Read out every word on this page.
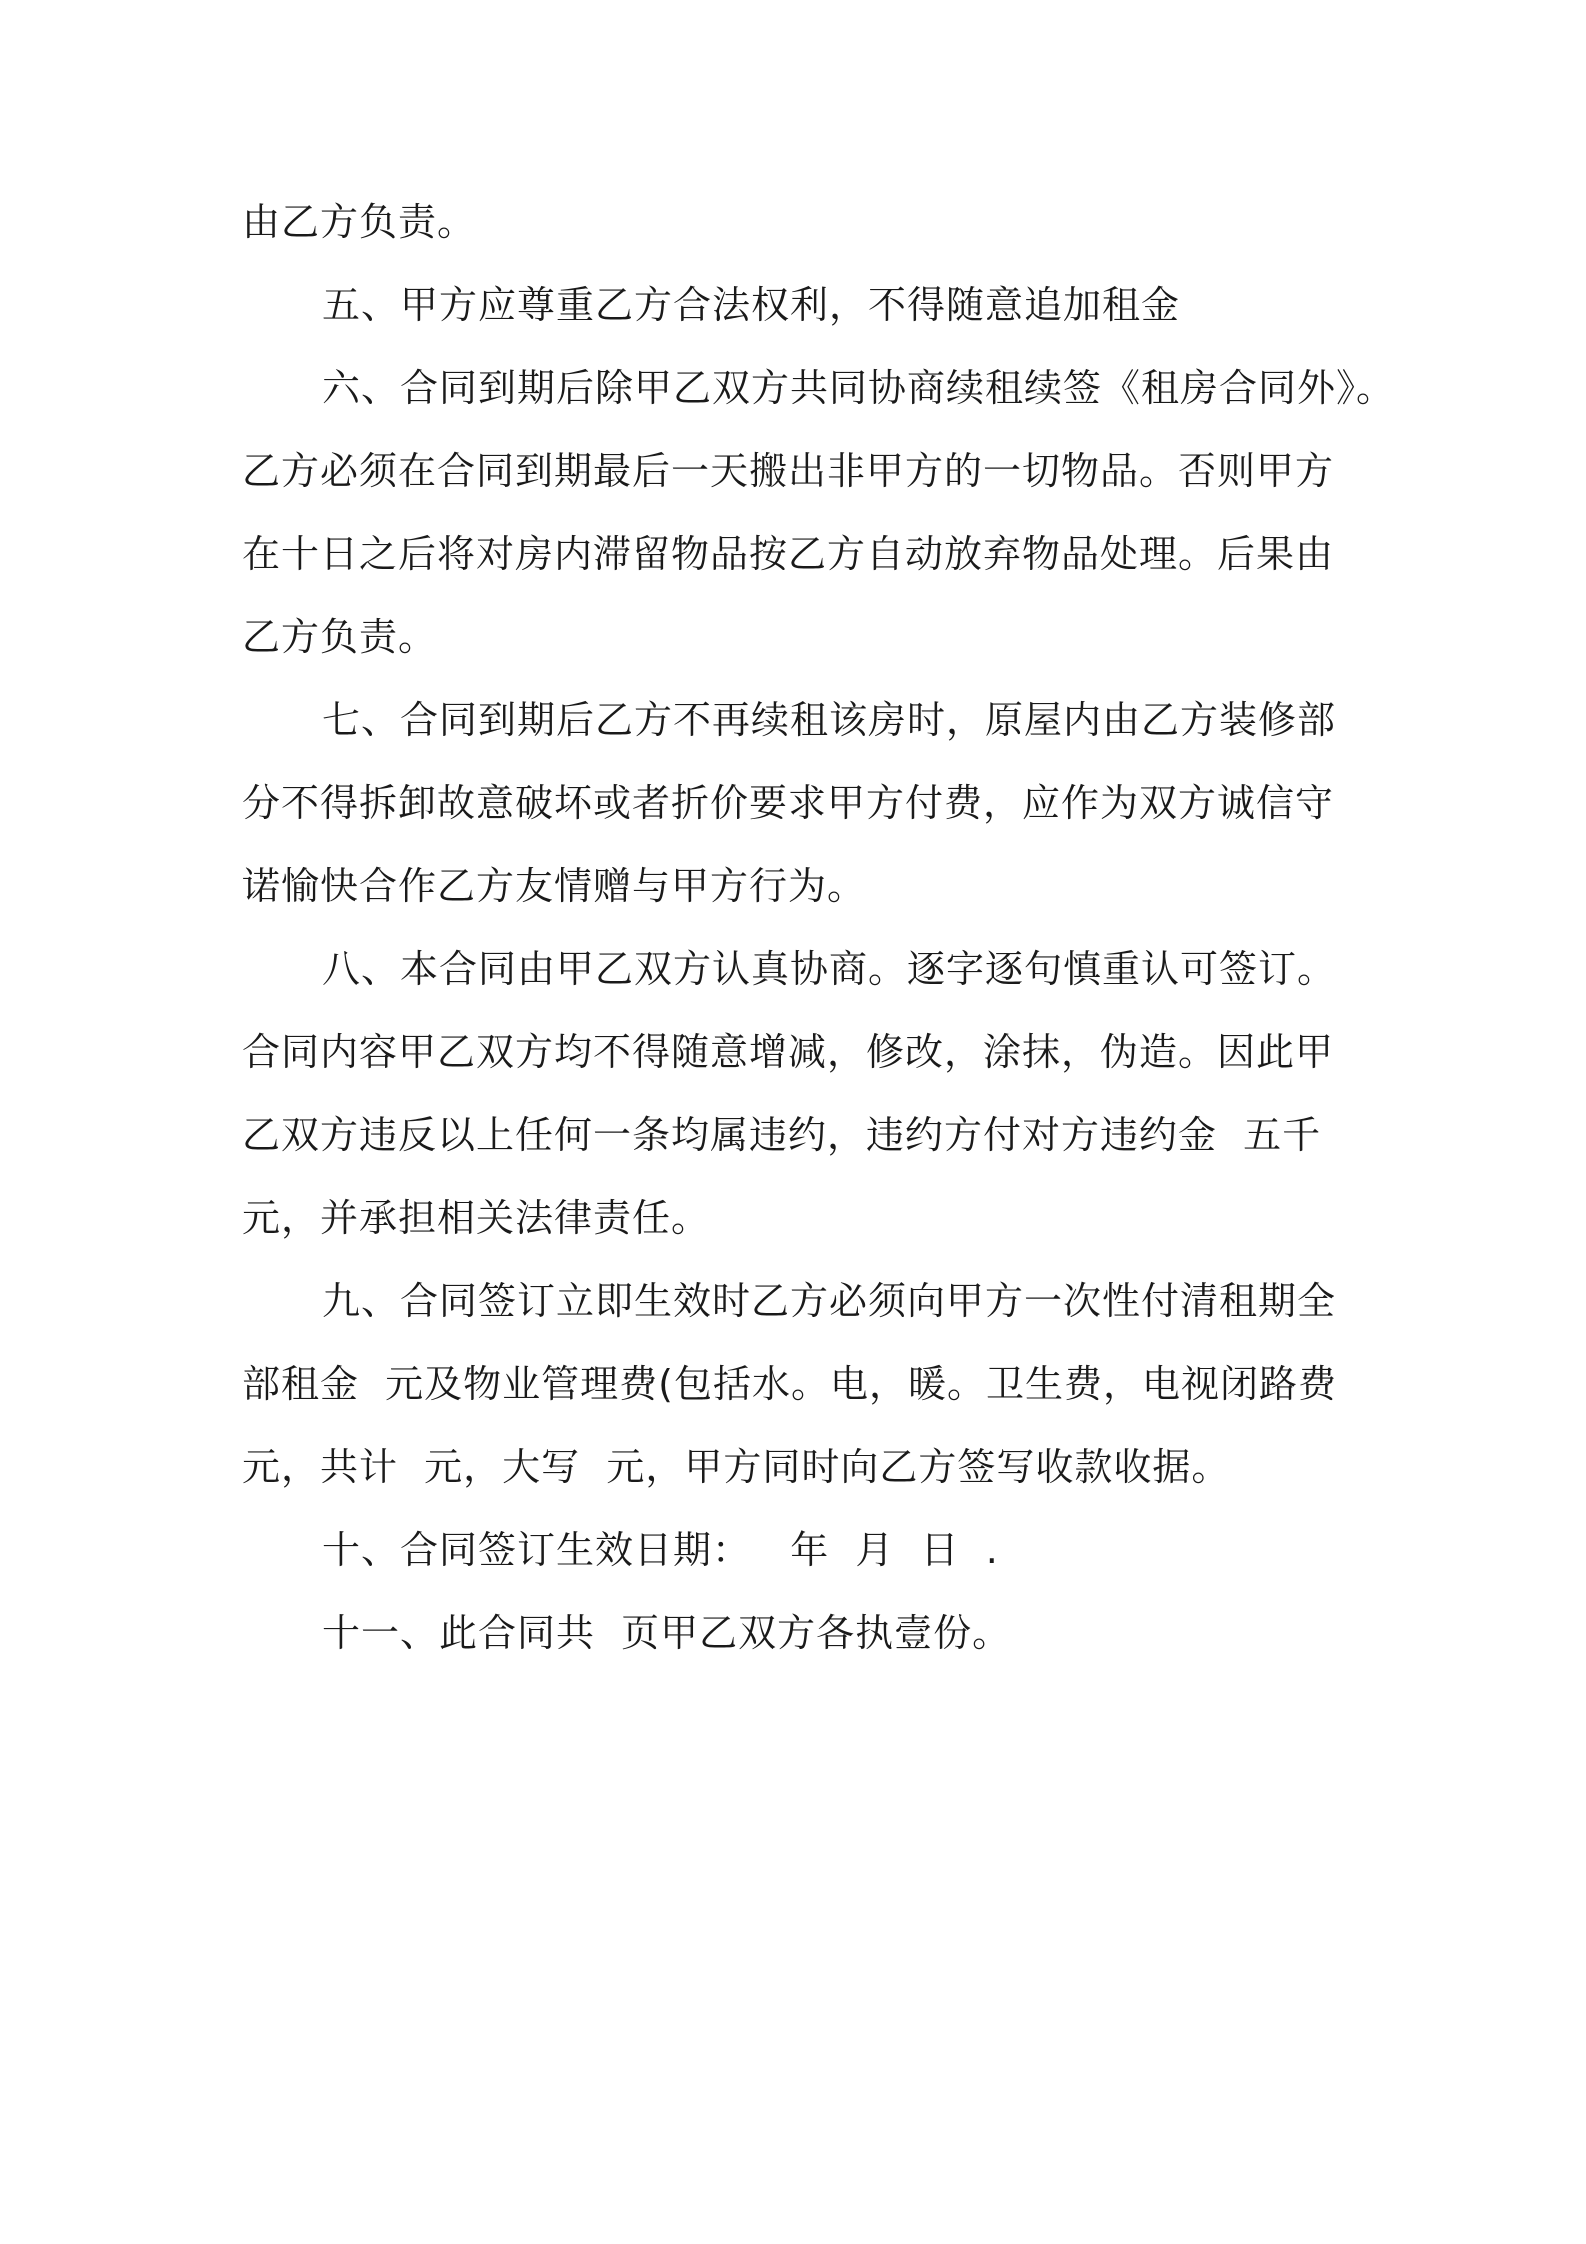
由乙方负责。
五、甲方应尊重乙方合法权利，不得随意追加租金
六、合同到期后除甲乙双方共同协商续租续签《租房合同外》。
乙方必须在合同到期最后一天搬出非甲方的一切物品。否则甲方
在十日之后将对房内滞留物品按乙方自动放弃物品处理。后果由
乙方负责。
七、合同到期后乙方不再续租该房时，原屋内由乙方装修部
分不得拆卸故意破坏或者折价要求甲方付费，应作为双方诚信守
诺愉快合作乙方友情赠与甲方行为。
八、本合同由甲乙双方认真协商。逐字逐句慎重认可签订。
合同内容甲乙双方均不得随意增减，修改，涂抹，伪造。因此甲
乙双方违反以上任何一条均属违约，违约方付对方违约金  五千
元，并承担相关法律责任。
九、合同签订立即生效时乙方必须向甲方一次性付清租期全
部租金  元及物业管理费(包括水。电，暖。卫生费，电视闭路费
元，共计  元，大写  元，甲方同时向乙方签写收款收据。
十、合同签订生效日期：   年  月  日  .
十一、此合同共  页甲乙双方各执壹份。
